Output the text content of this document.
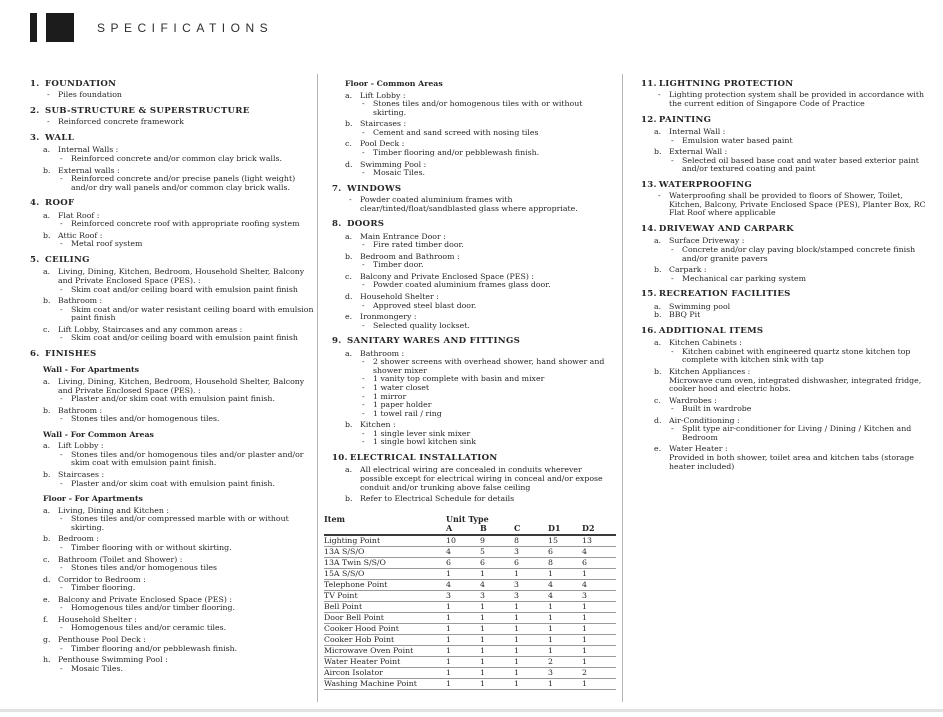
SPECIFICATIONS
1. FOUNDATION
-	Piles foundation
2. SUB-STRUCTURE & SUPERSTRUCTURE
-	Reinforced concrete framework
3. WALL
a.	Internal Walls :
-	Reinforced concrete and/or common clay brick walls.
b. External walls :
-	Reinforced concrete and/or precise panels (light weight) and/or dry wall panels and/or common clay brick walls.
4. ROOF
a.	Flat Roof :
-	Reinforced concrete roof with appropriate roofing system
b. Attic Roof :
-	Metal roof system
5. CEILING
a.	Living, Dining, Kitchen, Bedroom, Household Shelter, Balcony and Private Enclosed Space (PES). :
-	Skim coat and/or ceiling board with emulsion paint finish
b. Bathroom :
-	Skim coat and/or water resistant ceiling board with emulsion paint finish
c.	Lift Lobby, Staircases and any common areas :
-	Skim coat and/or ceiling board with emulsion paint finish
6. FINISHES
Wall - For Apartments
a.	Living, Dining, Kitchen, Bedroom, Household Shelter, Balcony and Private Enclosed Space (PES). :
-	Plaster and/or skim coat with emulsion paint finish.
b. Bathroom :
-	Stones tiles and/or homogenous tiles.
Wall - For Common Areas
a.	Lift Lobby :
-	Stones tiles and/or homogenous tiles and/or plaster and/or skim coat with emulsion paint finish.
b. Staircases :
-	Plaster and/or skim coat with emulsion paint finish.
Floor - For Apartments
a.	Living, Dining and Kitchen :
-	Stones tiles and/or compressed marble with or without skirting.
b. Bedroom :
-	Timber flooring with or without skirting.
c.	Bathroom (Toilet and Shower) :
-	Stones tiles and/or homogenous tiles
d. Corridor to Bedroom :
-	Timber flooring.
e.	Balcony and Private Enclosed Space (PES) :
-	Homogenous tiles and/or timber flooring.
f.	Household Shelter :
-	Homogenous tiles and/or ceramic tiles.
g. Penthouse Pool Deck :
-	Timber flooring and/or pebblewash finish.
h. Penthouse Swimming Pool :
-	Mosaic Tiles.
Floor - Common Areas
a.	Lift Lobby :
-	Stones tiles and/or homogenous tiles with or without skirting.
b. Staircases :
-	Cement and sand screed with nosing tiles
c.	Pool Deck :
-	Timber flooring and/or pebblewash finish.
d. Swimming Pool :
-	Mosaic Tiles.
7. WINDOWS
-	Powder coated aluminium frames with clear/tinted/float/sandblasted glass where appropriate.
8. DOORS
a.	Main Entrance Door :
-	Fire rated timber door.
b. Bedroom and Bathroom :
-	Timber door.
c.	Balcony and Private Enclosed Space (PES) :
-	Powder coated aluminium frames glass door.
d. Household Shelter :
-	Approved steel blast door.
e.	Ironmongery :
-	Selected quality lockset.
9. SANITARY WARES AND FITTINGS
a.	Bathroom :
-	2 shower screens with overhead shower, hand shower and shower mixer
-	1 vanity top complete with basin and mixer
-	1 water closet
-	1 mirror
-	1 paper holder
-	1 towel rail / ring
b. Kitchen :
-	1 single lever sink mixer
-	1 single bowl kitchen sink
10. ELECTRICAL INSTALLATION
a.	All electrical wiring are concealed in conduits wherever possible except for electrical wiring in conceal and/or expose conduit and/or trunking above false ceiling
b. Refer to Electrical Schedule for details
Item	Unit Type
A	B	C	D1	D2
Lighting Point	10	9	8	15	13
13A S/S/O	4	5	3	6	4
13A Twin S/S/O	6	6	6	8	6
15A S/S/O	1	1	1	1	1
Telephone Point	4	4	3	4	4
TV Point	3	3	3	4	3
Bell Point	1	1	1	1	1
Door Bell Point	1	1	1	1	1
Cooker Hood Point	1	1	1	1	1
Cooker Hob Point	1	1	1	1	1
Microwave Oven Point	1	1	1	1	1
Water Heater Point	1	1	1	2	1
Aircon Isolator	1	1	1	3	2
Washing Machine Point	1	1	1	1	1
11. LIGHTNING PROTECTION
-	Lighting protection system shall be provided in accordance with the current edition of Singapore Code of Practice
12. PAINTING
a.	Internal Wall :
-	Emulsion water based paint
b. External Wall :
-	Selected oil based base coat and water based exterior paint and/or textured coating and paint
13. WATERPROOFING
-	Waterproofing shall be provided to floors of Shower, Toilet, Kitchen, Balcony, Private Enclosed Space (PES), Planter Box, RC Flat Roof where applicable
14. DRIVEWAY AND CARPARK
a.	Surface Driveway :
-	Concrete and/or clay paving block/stamped concrete finish and/or granite pavers
b. Carpark :
-	Mechanical car parking system
15. RECREATION FACILITIES
a.	Swimming pool
b. BBQ Pit
16. ADDITIONAL ITEMS
a.	Kitchen Cabinets :
-	Kitchen cabinet with engineered quartz stone kitchen top complete with kitchen sink with tap
b. Kitchen Appliances :
Microwave cum oven, integrated dishwasher, integrated fridge, cooker hood and electric hobs.
c.	Wardrobes :
-	Built in wardrobe
d. Air-Conditioning :
-	Split type air-conditioner for Living / Dining / Kitchen and Bedroom
e.	Water Heater :
Provided in both shower, toilet area and kitchen tabs (storage heater included)
